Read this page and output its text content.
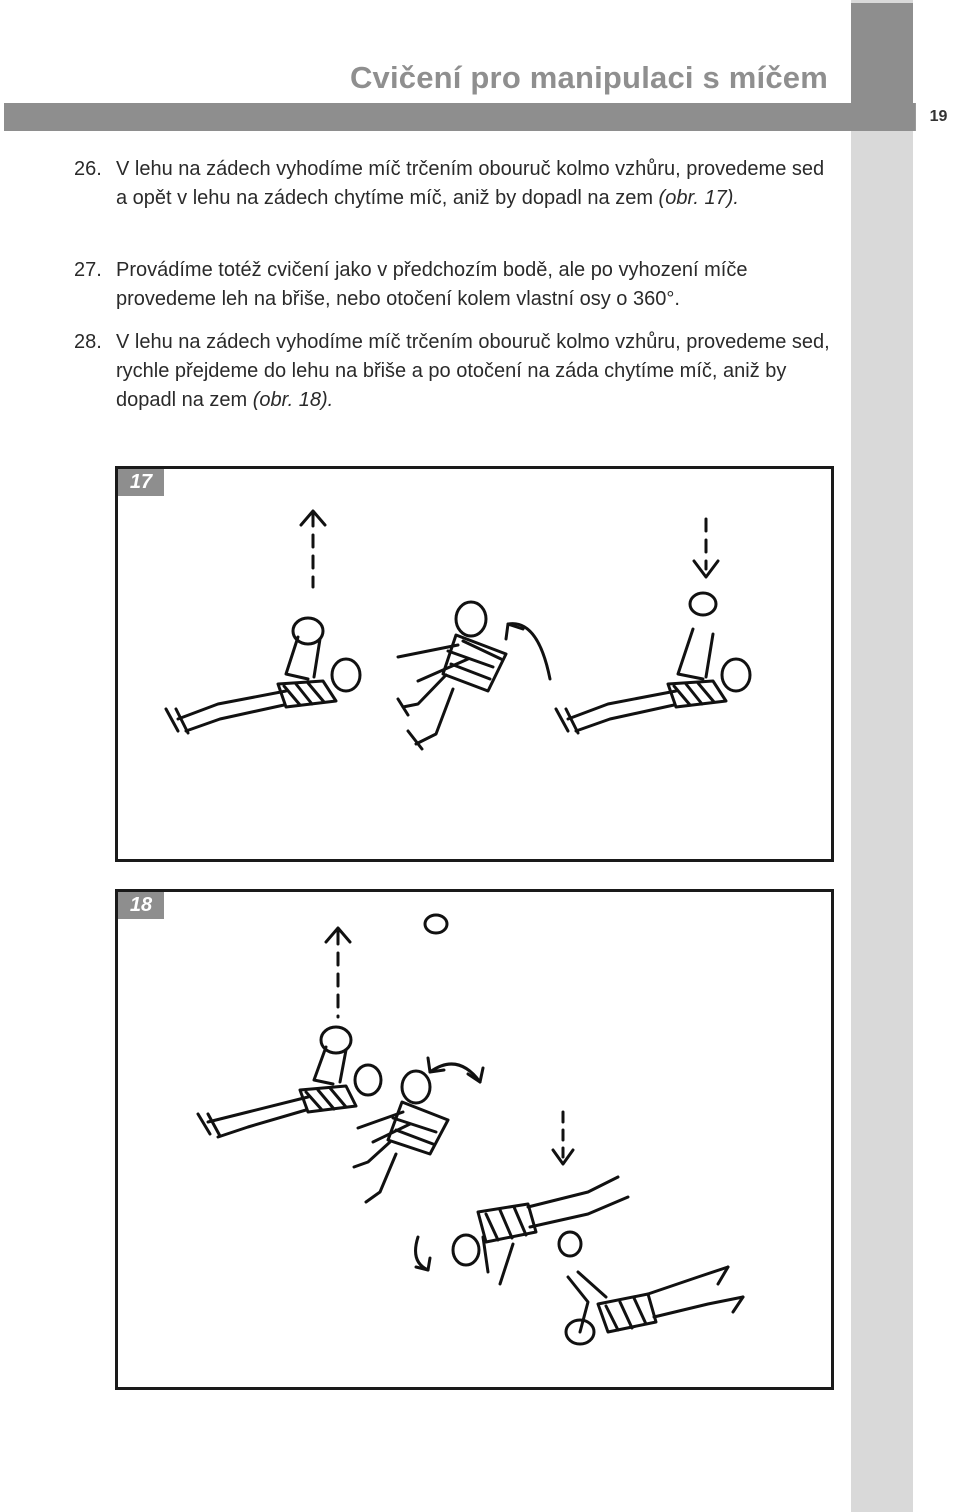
Cvičení pro manipulaci s míčem
19
26. V lehu na zádech vyhodíme míč trčením obouruč kolmo vzhůru, provedeme sed a opět v lehu na zádech chytíme míč, aniž by dopadl na zem (obr. 17).
27. Provádíme totéž cvičení jako v předchozím bodě, ale po vyhození míče provedeme leh na břiše, nebo otočení kolem vlastní osy o 360°.
28. V lehu na zádech vyhodíme míč trčením obouruč kolmo vzhůru, provedeme sed, rychle přejdeme do lehu na břiše a po otočení na záda chytíme míč, aniž by dopadl na zem (obr. 18).
17
18
